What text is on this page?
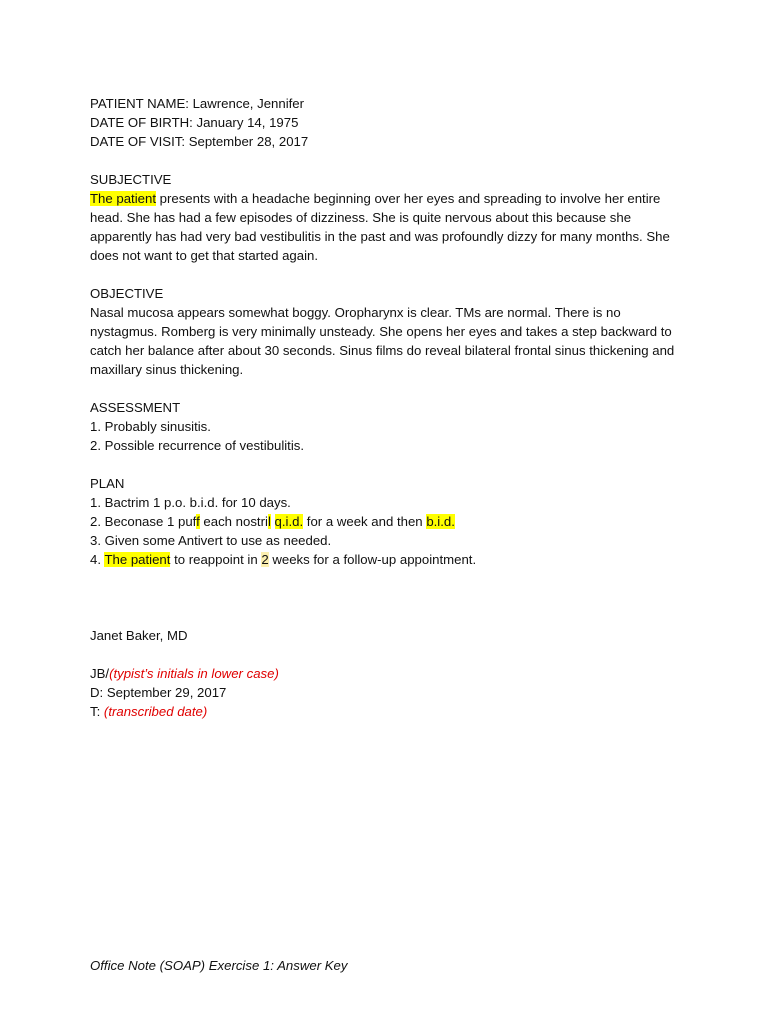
PATIENT NAME: Lawrence, Jennifer
DATE OF BIRTH: January 14, 1975
DATE OF VISIT: September 28, 2017
SUBJECTIVE

The patient presents with a headache beginning over her eyes and spreading to involve her entire head. She has had a few episodes of dizziness. She is quite nervous about this because she apparently has had very bad vestibulitis in the past and was profoundly dizzy for many months. She does not want to get that started again.

OBJECTIVE

Nasal mucosa appears somewhat boggy. Oropharynx is clear. TMs are normal. There is no nystagmus. Romberg is very minimally unsteady. She opens her eyes and takes a step backward to catch her balance after about 30 seconds. Sinus films do reveal bilateral frontal sinus thickening and maxillary sinus thickening.

ASSESSMENT
1. Probably sinusitis.
2. Possible recurrence of vestibulitis.
PLAN
1. Bactrim 1 p.o. b.i.d. for 10 days.
2. Beconase 1 puff each nostril q.i.d. for a week and then b.i.d.
3. Given some Antivert to use as needed.
4. The patient to reappoint in 2 weeks for a follow-up appointment.
Janet Baker, MD
JB/(typist’s initials in lower case)
D: September 29, 2017
T: (transcribed date)
Office Note (SOAP) Exercise 1: Answer Key
